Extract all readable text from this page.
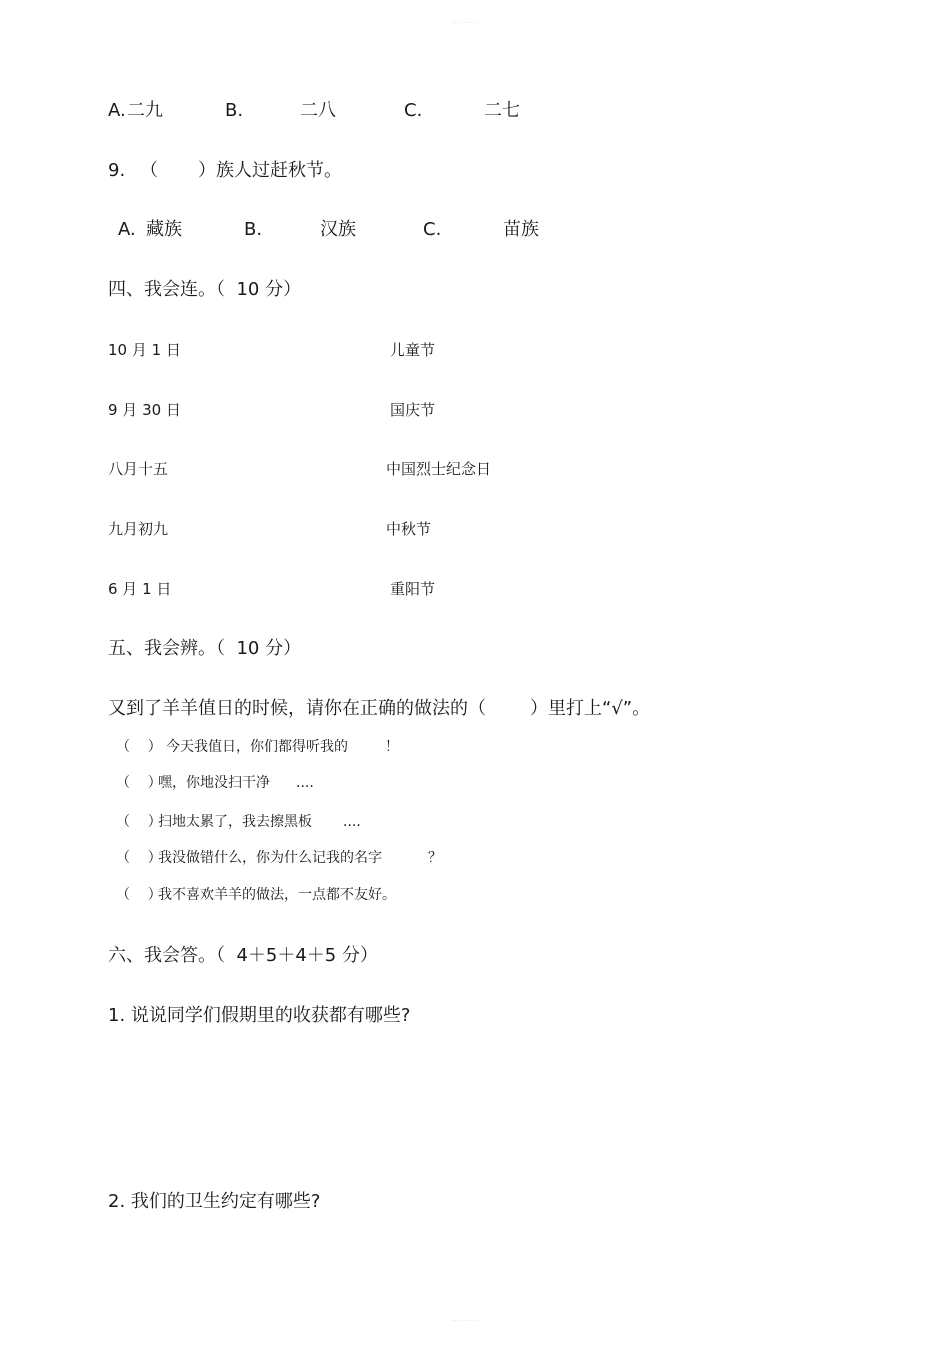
·········
·········
A. 二九	B.	二八	C.	二七
9. （ ）族人过赶秋节。
A. 藏族	B.	汉族	C.	苗族
四、我会连。（  10 分）
10 月 1 日	儿童节
9 月 30 日	国庆节
八月十五	中国烈士纪念日
九月初九	中秋节
6 月 1 日	重阳节
五、我会辨。（  10 分）
又到了羊羊值日的时候，请你在正确的做法的（ ）里打上“√”。
（    ） 今天我值日，你们都得听我的	！
（    ）
嘿，你地没扫干净 ....
（    ）
扫地太累了，我去擦黑板 ....
（    ）
我没做错什么，你为什么记我的名字	？
（    ）
我不喜欢羊羊的做法，一点都不友好。
六、我会答。（  4＋5＋4＋5 分）
1. 说说同学们假期里的收获都有哪些?
2. 我们的卫生约定有哪些?
